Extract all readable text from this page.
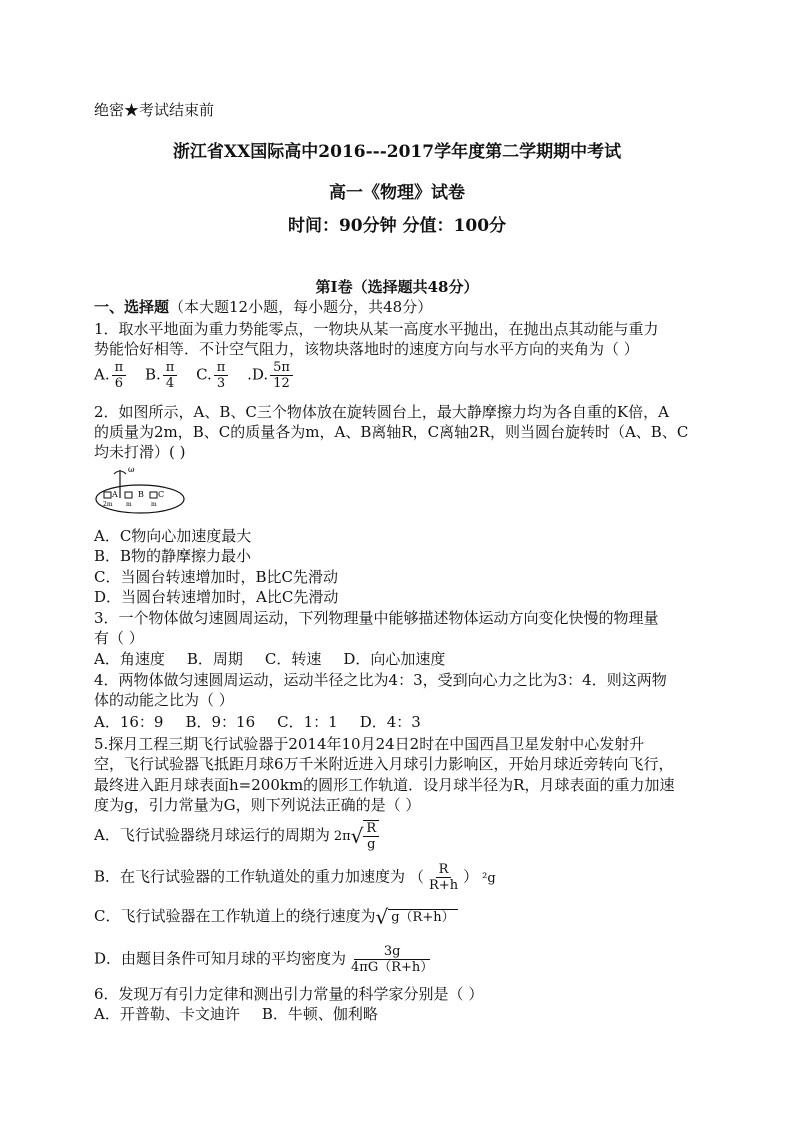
绝密★考试结束前
浙江省XX国际高中2016---2017学年度第二学期期中考试
高一《物理》试卷
时间：90分钟 分值：100分
第Ⅰ卷（选择题共48分）
一、选择题（本大题12小题，每小题分，共48分）
1．取水平地面为重力势能零点，一物块从某一高度水平抛出，在抛出点其动能与重力
势能恰好相等．不计空气阻力，该物块落地时的速度方向与水平方向的夹角为（ ）
A. $\frac{\pi}{6} B$. $\frac{\pi}{4} C$. $\frac{\pi}{3} .D$. $\frac{5\pi}{12}$
2．如图所示，A、B、C三个物体放在旋转圆台上，最大静摩擦力均为各自重的K倍，A
的质量为2m，B、C的质量各为m，A、B离轴R，C离轴2R，则当圆台旋转时（A、B、C
均未打滑）( )
ω
A
2m
B
m
C
m
A．C物向心加速度最大
B．B物的静摩擦力最小
C．当圆台转速增加时，B比C先滑动
D．当圆台转速增加时，A比C先滑动
3．一个物体做匀速圆周运动，下列物理量中能够描述物体运动方向变化快慢的物理量
有（ ）
A．角速度 B．周期 C．转速 D．向心加速度
4．两物体做匀速圆周运动，运动半径之比为4：3，受到向心力之比为3：4．则这两物
体的动能之比为（ ）
A．16：9 B．9：16 C．1：1 D．4：3
5.探月工程三期飞行试验器于2014年10月24日2时在中国西昌卫星发射中心发射升
空，飞行试验器飞抵距月球6万千米附近进入月球引力影响区，开始月球近旁转向飞行，
最终进入距月球表面h=200km的圆形工作轨道．设月球半径为R，月球表面的重力加速
度为g，引力常量为G，则下列说法正确的是（ ）
A．飞行试验器绕月球运行的周期为 $2\pi√ \frac{R}{g}$
B．在飞行试验器的工作轨道处的重力加速度为 （ $\frac{R}{R+h}$ ） ²g
C．飞行试验器在工作轨道上的绕行速度为√ g（R+h）
D．由题目条件可知月球的平均密度为 $\frac{3g}{4\pi G(R+h)}$
6．发现万有引力定律和测出引力常量的科学家分别是（ ）
A．开普勒、卡文迪许 B．牛顿、伽利略
